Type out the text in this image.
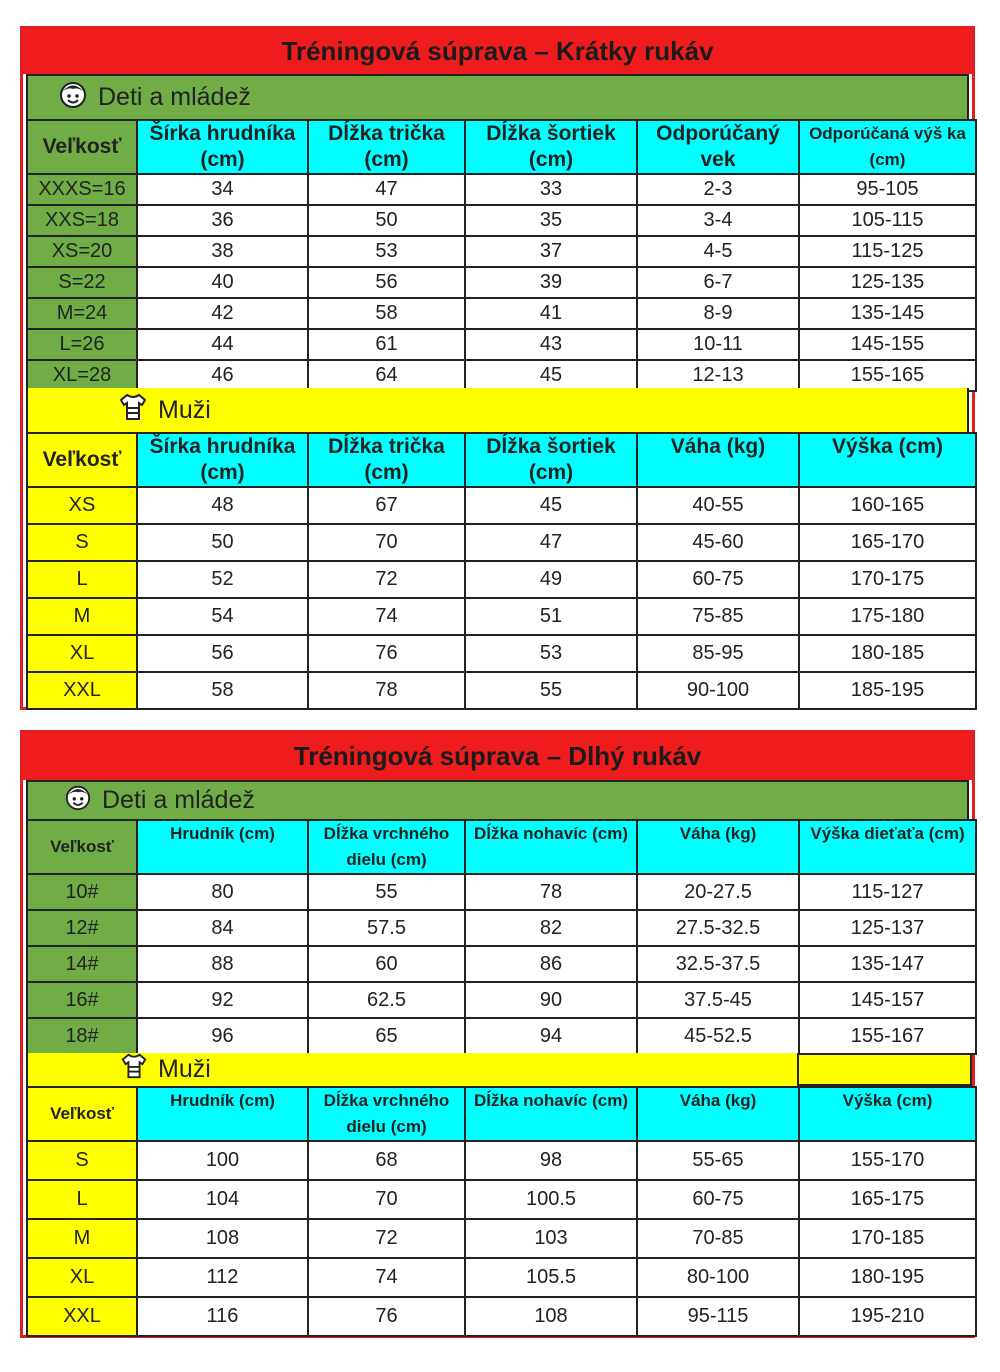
Tréningová súprava – Krátky rukáv
Deti a mládež
Veľkosť	Šírka hrudníka (cm)	Dĺžka trička (cm)	Dĺžka šortiek (cm)	Odporúčaný vek	Odporúčaná výš ka (cm)
XXXS=16	34	47	33	2-3	95-105
XXS=18	36	50	35	3-4	105-115
XS=20	38	53	37	4-5	115-125
S=22	40	56	39	6-7	125-135
M=24	42	58	41	8-9	135-145
L=26	44	61	43	10-11	145-155
XL=28	46	64	45	12-13	155-165
Muži
Veľkosť	Šírka hrudníka (cm)	Dĺžka trička (cm)	Dĺžka šortiek (cm)	Váha (kg)	Výška (cm)
XS	48	67	45	40-55	160-165
S	50	70	47	45-60	165-170
L	52	72	49	60-75	170-175
M	54	74	51	75-85	175-180
XL	56	76	53	85-95	180-185
XXL	58	78	55	90-100	185-195
Tréningová súprava – Dlhý rukáv
Deti a mládež
Veľkosť	Hrudník (cm)	Dĺžka vrchného dielu (cm)	Dĺžka nohavíc (cm)	Váha (kg)	Výška dieťaťa (cm)
10#	80	55	78	20-27.5	115-127
12#	84	57.5	82	27.5-32.5	125-137
14#	88	60	86	32.5-37.5	135-147
16#	92	62.5	90	37.5-45	145-157
18#	96	65	94	45-52.5	155-167
Muži
Veľkosť	Hrudník (cm)	Dĺžka vrchného dielu (cm)	Dĺžka nohavíc (cm)	Váha (kg)	Výška (cm)
S	100	68	98	55-65	155-170
L	104	70	100.5	60-75	165-175
M	108	72	103	70-85	170-185
XL	112	74	105.5	80-100	180-195
XXL	116	76	108	95-115	195-210
